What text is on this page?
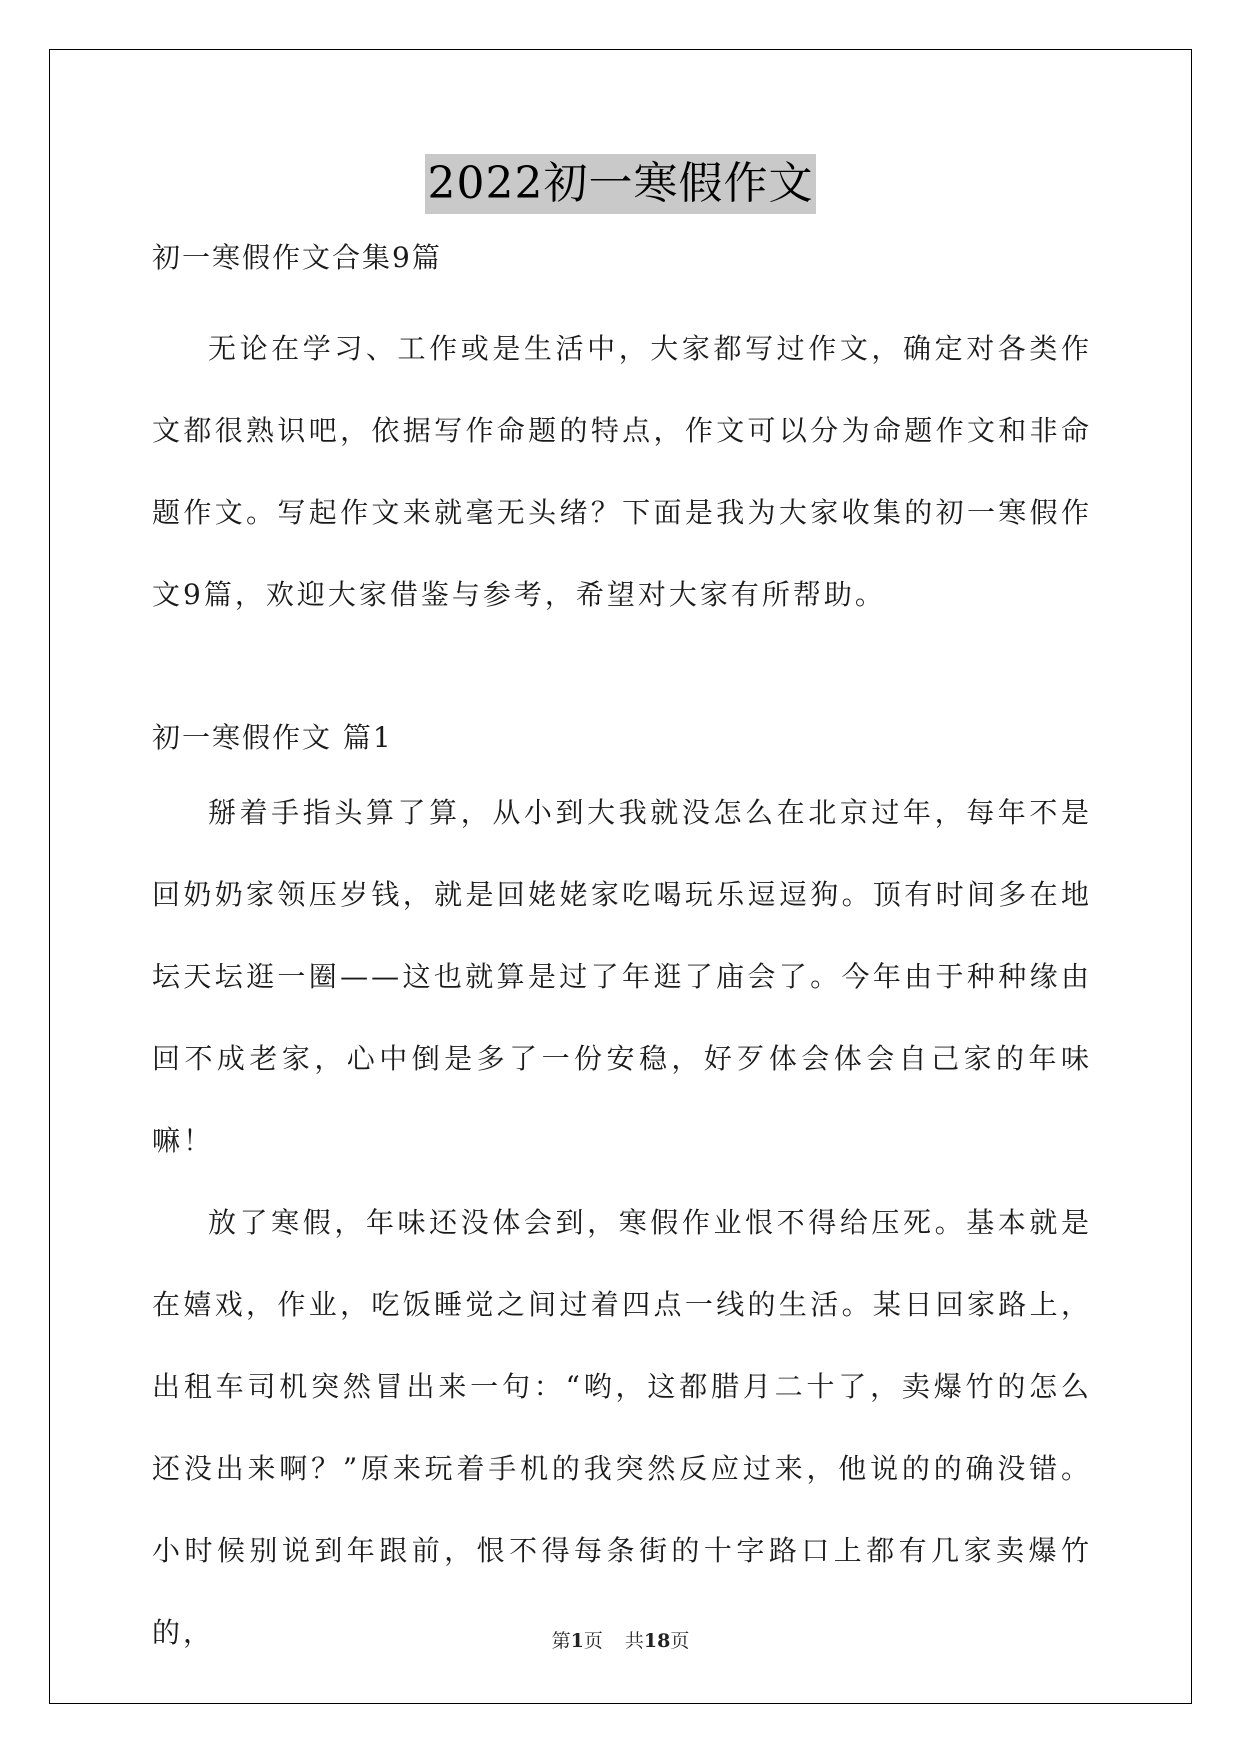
2022初一寒假作文

初一寒假作文合集9篇

无论在学习、工作或是生活中，大家都写过作文，确定对各类作文都很熟识吧，依据写作命题的特点，作文可以分为命题作文和非命题作文。写起作文来就毫无头绪？下面是我为大家收集的初一寒假作文9篇，欢迎大家借鉴与参考，希望对大家有所帮助。

初一寒假作文 篇1

掰着手指头算了算，从小到大我就没怎么在北京过年，每年不是回奶奶家领压岁钱，就是回姥姥家吃喝玩乐逗逗狗。顶有时间多在地坛天坛逛一圈——这也就算是过了年逛了庙会了。今年由于种种缘由回不成老家，心中倒是多了一份安稳，好歹体会体会自己家的年味嘛！

放了寒假，年味还没体会到，寒假作业恨不得给压死。基本就是在嬉戏，作业，吃饭睡觉之间过着四点一线的生活。某日回家路上，出租车司机突然冒出来一句：“哟，这都腊月二十了，卖爆竹的怎么还没出来啊？”原来玩着手机的我突然反应过来，他说的的确没错。小时候别说到年跟前，恨不得每条街的十字路口上都有几家卖爆竹的，	第1页 共18页
